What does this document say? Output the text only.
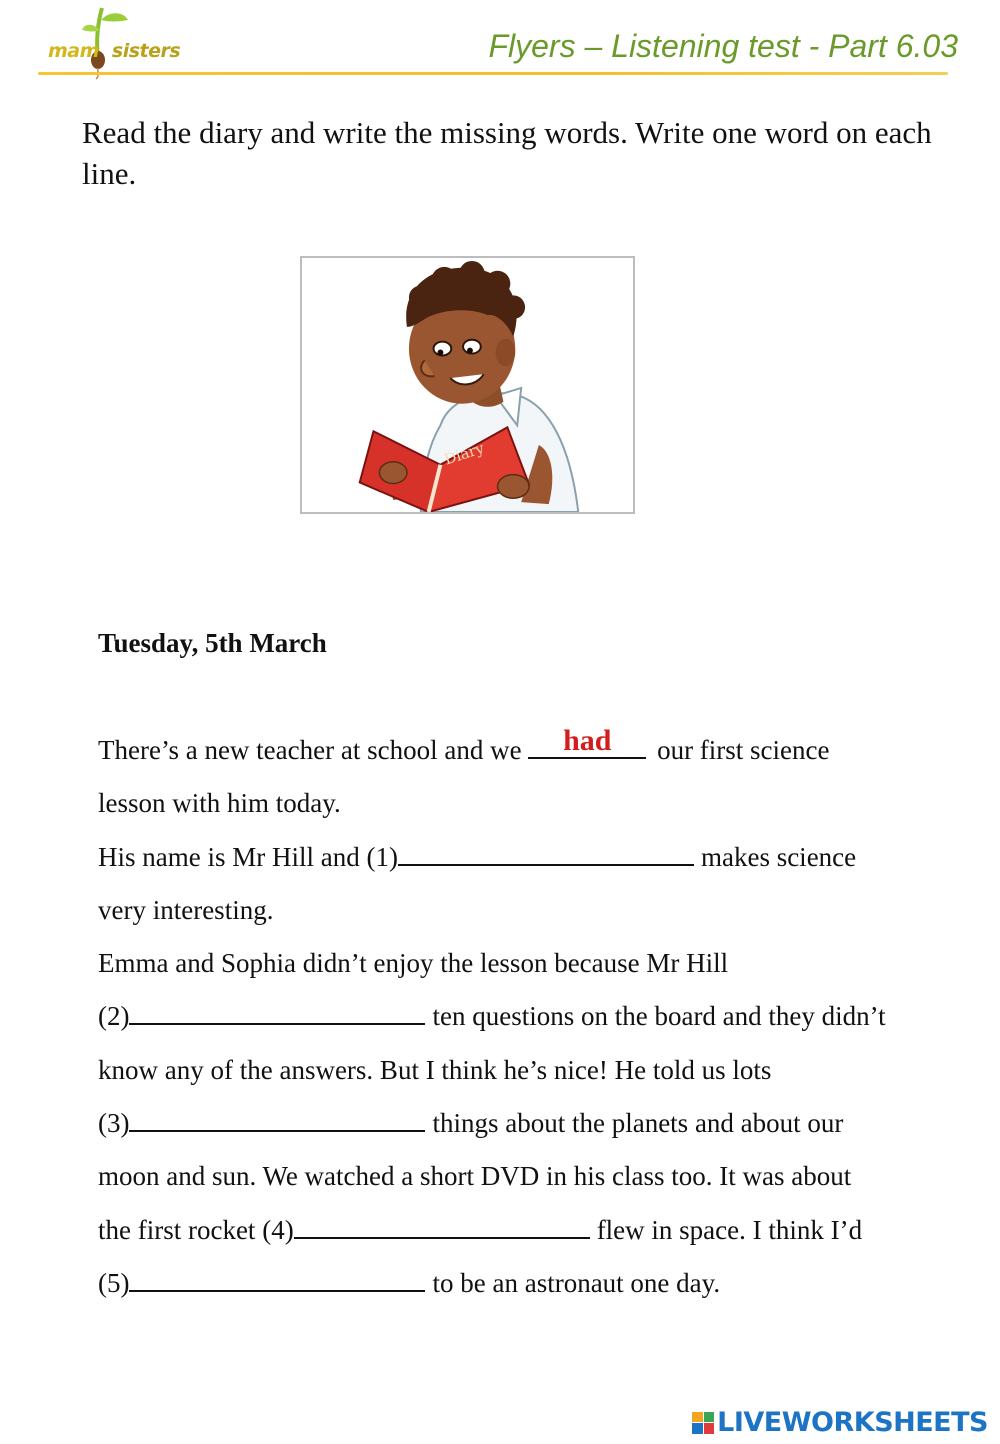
mam sisters	Flyers – Listening test - Part 6.03

Read the diary and write the missing words. Write one word on each line.

Diary

Tuesday, 5th March

There’s a new teacher at school and we	had	our first science
lesson with him today.
His name is Mr Hill and (1)	makes science
very interesting.
Emma and Sophia didn’t enjoy the lesson because Mr Hill
(2)	ten questions on the board and they didn’t
know any of the answers. But I think he’s nice! He told us lots
(3)	things about the planets and about our
moon and sun. We watched a short DVD in his class too. It was about
the first rocket (4)	flew in space. I think I’d
(5)	to be an astronaut one day.
LIVEWORKSHEETS
